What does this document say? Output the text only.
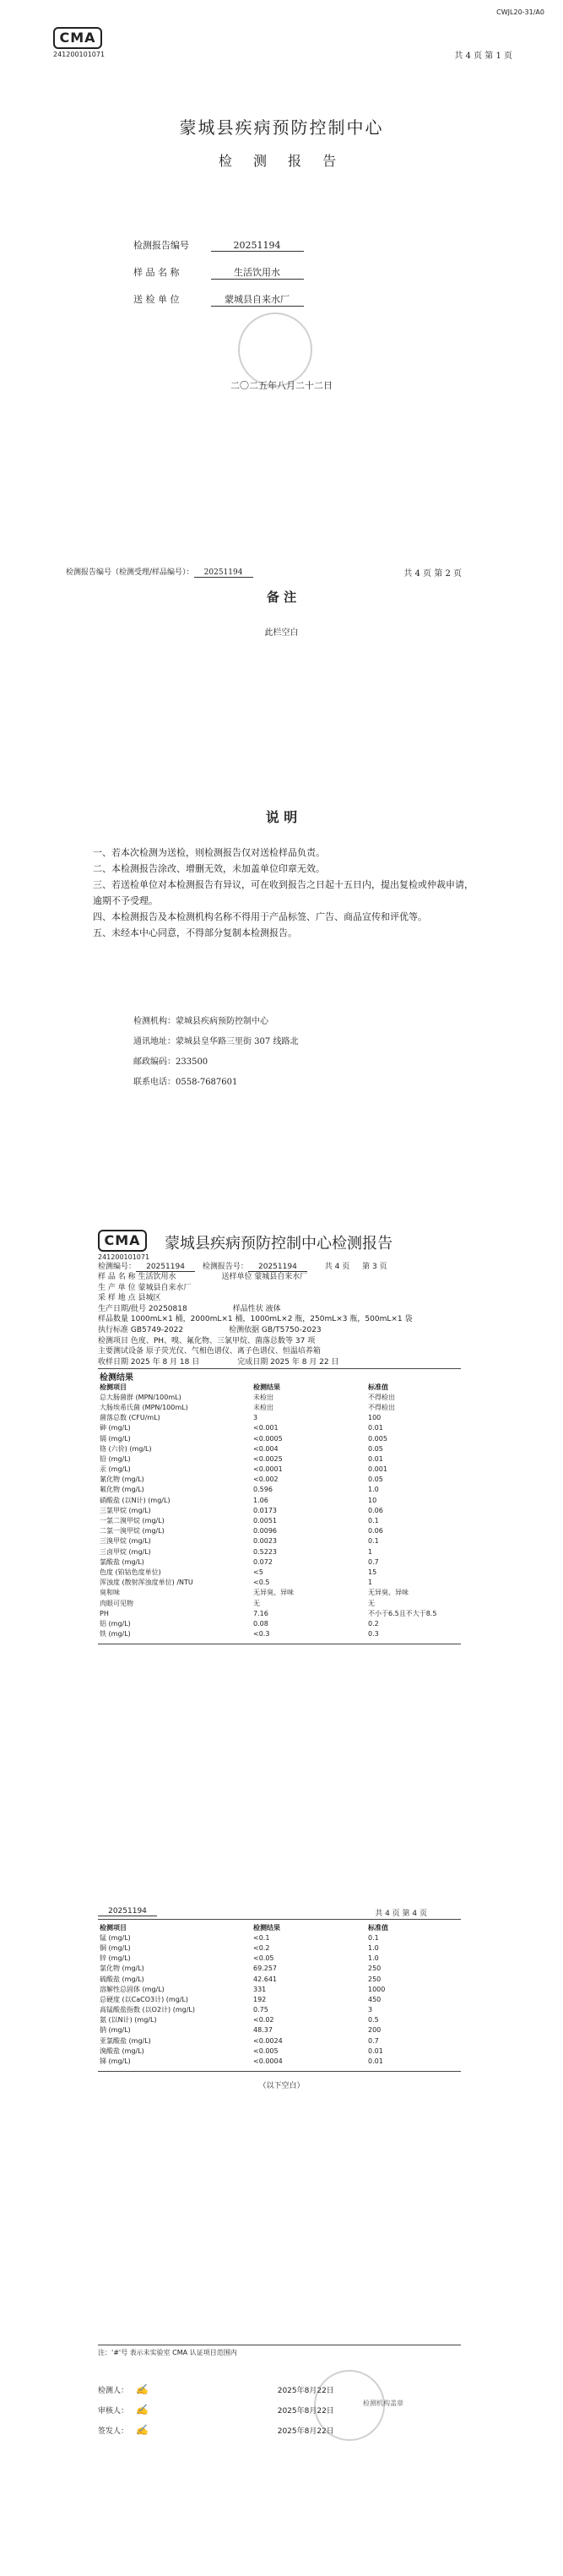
CWJL20-31/A0
CMA
241200101071	共 4 页 第 1 页
蒙城县疾病预防控制中心
检 测 报 告
检测报告编号	20251194
样 品 名 称	生活饮用水
送 检 单 位	蒙城县自来水厂
二〇二五年八月二十二日
检测报告编号（检测受理/样品编号）： 20251194	共 4 页 第 2 页
备 注
此栏空白
说 明
一、若本次检测为送检，则检测报告仅对送检样品负责。
二、本检测报告涂改、增删无效，未加盖单位印章无效。
三、若送检单位对本检测报告有异议，可在收到报告之日起十五日内，提出复检或仲裁申请，逾期不予受理。
四、本检测报告及本检测机构名称不得用于产品标签、广告、商品宣传和评优等。
五、未经本中心同意，不得部分复制本检测报告。
检测机构：蒙城县疾病预防控制中心
通讯地址：蒙城县皇华路三里街 307 线路北
邮政编码：233500
联系电话：0558-7687601
CMA
241200101071
蒙城县疾病预防控制中心检测报告
检测编号： 20251194 检测报告号： 20251194	共 4 页 第 3 页
样 品 名 称 生活饮用水　　　　　　送样单位 蒙城县自来水厂
生 产 单 位 蒙城县自来水厂
采 样 地 点 县城区
生产日期/批号 20250818　　　　　　样品性状 液体
样品数量 1000mL×1 桶，2000mL×1 桶，1000mL×2 瓶，250mL×3 瓶，500mL×1 袋
执行标准 GB5749-2022　　　　　　检测依据 GB/T5750-2023
检测项目 色度、PH、嗅、氟化物、三氯甲烷、菌落总数等 37 项
主要测试设备 原子荧光仪、气相色谱仪、离子色谱仪、恒温培养箱
收样日期 2025 年 8 月 18 日　　　　　完成日期 2025 年 8 月 22 日
检测结果
检测项目	检测结果	标准值
总大肠菌群 (MPN/100mL)	未检出	不得检出
大肠埃希氏菌 (MPN/100mL)	未检出	不得检出
菌落总数 (CFU/mL)	3	100
砷 (mg/L)	<0.001	0.01
镉 (mg/L)	<0.0005	0.005
铬 (六价) (mg/L)	<0.004	0.05
铅 (mg/L)	<0.0025	0.01
汞 (mg/L)	<0.0001	0.001
氰化物 (mg/L)	<0.002	0.05
氟化物 (mg/L)	0.596	1.0
硝酸盐 (以N计) (mg/L)	1.06	10
三氯甲烷 (mg/L)	0.0173	0.06
一氯二溴甲烷 (mg/L)	0.0051	0.1
二氯一溴甲烷 (mg/L)	0.0096	0.06
三溴甲烷 (mg/L)	0.0023	0.1
三卤甲烷 (mg/L)	0.5223	1
氯酸盐 (mg/L)	0.072	0.7
色度 (铂钴色度单位)	<5	15
浑浊度 (散射浑浊度单位) /NTU	<0.5	1
臭和味	无异臭、异味	无异臭、异味
肉眼可见物	无	无
PH	7.16	不小于6.5且不大于8.5
铝 (mg/L)	0.08	0.2
铁 (mg/L)	<0.3	0.3
20251194	共 4 页 第 4 页
检测项目	检测结果	标准值
锰 (mg/L)	<0.1	0.1
铜 (mg/L)	<0.2	1.0
锌 (mg/L)	<0.05	1.0
氯化物 (mg/L)	69.257	250
硫酸盐 (mg/L)	42.641	250
溶解性总固体 (mg/L)	331	1000
总硬度 (以CaCO3计) (mg/L)	192	450
高锰酸盐指数 (以O2计) (mg/L)	0.75	3
氨 (以N计) (mg/L)	<0.02	0.5
钠 (mg/L)	48.37	200
亚氯酸盐 (mg/L)	<0.0024	0.7
溴酸盐 (mg/L)	<0.005	0.01
锑 (mg/L)	<0.0004	0.01
（以下空白）
注：'#'号 表示未实验室 CMA 认证项目范围内
检测人： ✍	2025年8月22日
审核人： ✍	2025年8月22日
签发人： ✍	2025年8月22日
检测机构盖章
